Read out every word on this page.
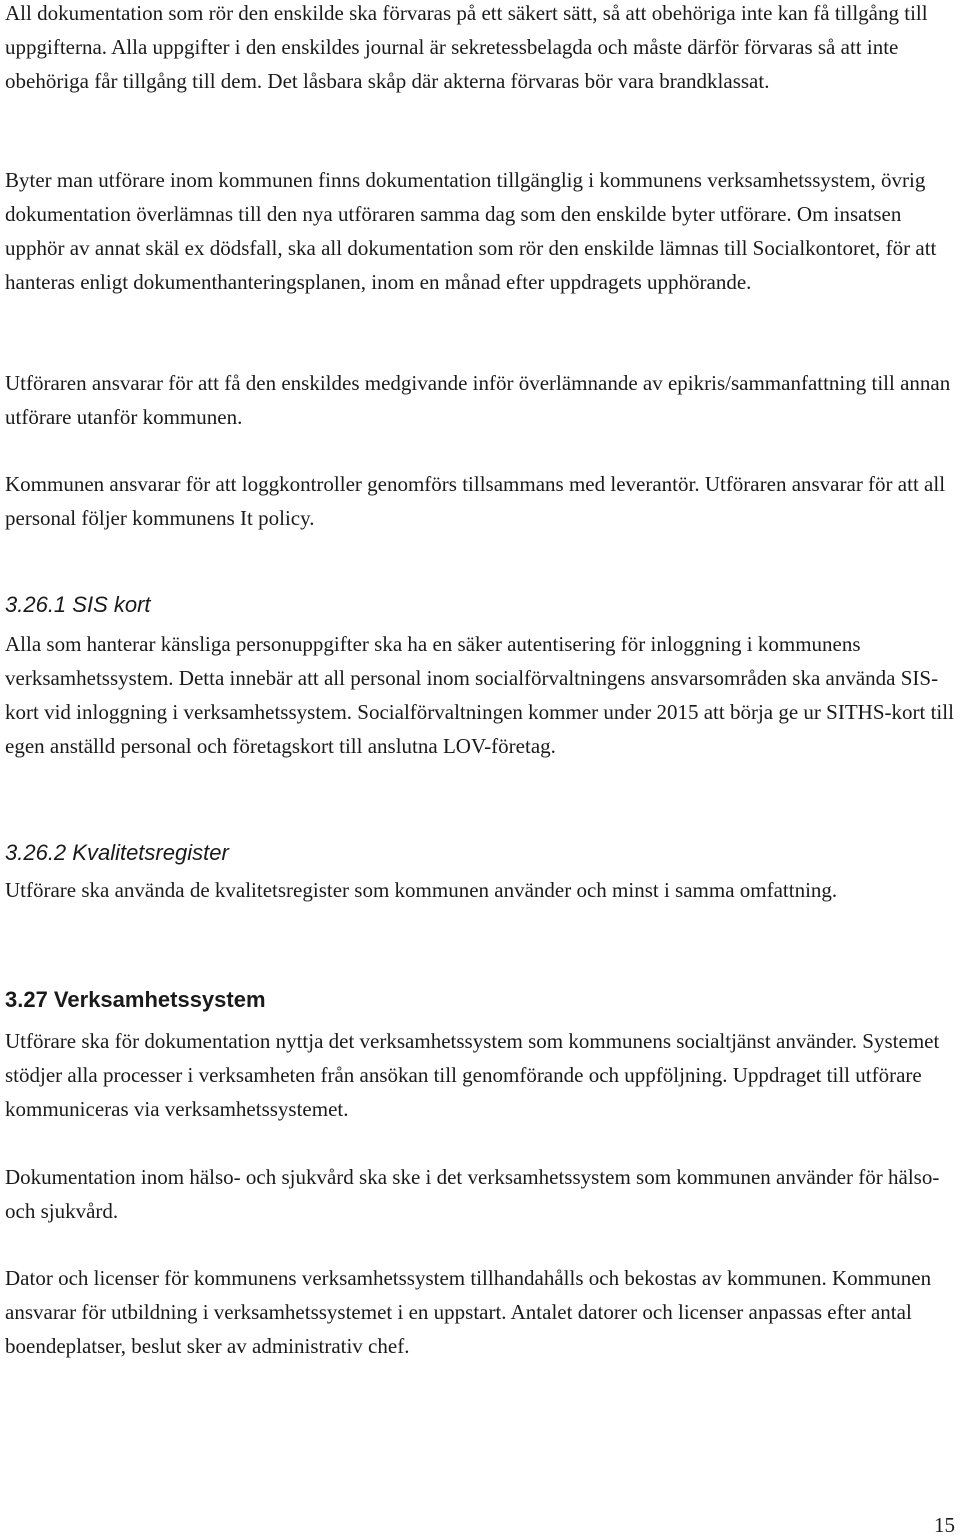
All dokumentation som rör den enskilde ska förvaras på ett säkert sätt, så att obehöriga inte kan få tillgång till uppgifterna. Alla uppgifter i den enskildes journal är sekretessbelagda och måste därför förvaras så att inte obehöriga får tillgång till dem. Det låsbara skåp där akterna förvaras bör vara brandklassat.

Byter man utförare inom kommunen finns dokumentation tillgänglig i kommunens verksamhetssystem, övrig dokumentation överlämnas till den nya utföraren samma dag som den enskilde byter utförare. Om insatsen upphör av annat skäl ex dödsfall, ska all dokumentation som rör den enskilde lämnas till Socialkontoret, för att hanteras enligt dokumenthanteringsplanen, inom en månad efter uppdragets upphörande.

Utföraren ansvarar för att få den enskildes medgivande inför överlämnande av epikris/sammanfattning till annan utförare utanför kommunen.

Kommunen ansvarar för att loggkontroller genomförs tillsammans med leverantör. Utföraren ansvarar för att all personal följer kommunens It policy.

3.26.1 SIS kort

Alla som hanterar känsliga personuppgifter ska ha en säker autentisering för inloggning i kommunens verksamhetssystem. Detta innebär att all personal inom socialförvaltningens ansvarsområden ska använda SIS-kort vid inloggning i verksamhetssystem. Socialförvaltningen kommer under 2015 att börja ge ur SITHS-kort till egen anställd personal och företagskort till anslutna LOV-företag.

3.26.2 Kvalitetsregister

Utförare ska använda de kvalitetsregister som kommunen använder och minst i samma omfattning.

3.27 Verksamhetssystem

Utförare ska för dokumentation nyttja det verksamhetssystem som kommunens socialtjänst använder. Systemet stödjer alla processer i verksamheten från ansökan till genomförande och uppföljning. Uppdraget till utförare kommuniceras via verksamhetssystemet.

Dokumentation inom hälso- och sjukvård ska ske i det verksamhetssystem som kommunen använder för hälso- och sjukvård.

Dator och licenser för kommunens verksamhetssystem tillhandahålls och bekostas av kommunen. Kommunen ansvarar för utbildning i verksamhetssystemet i en uppstart. Antalet datorer och licenser anpassas efter antal boendeplatser, beslut sker av administrativ chef.

15
